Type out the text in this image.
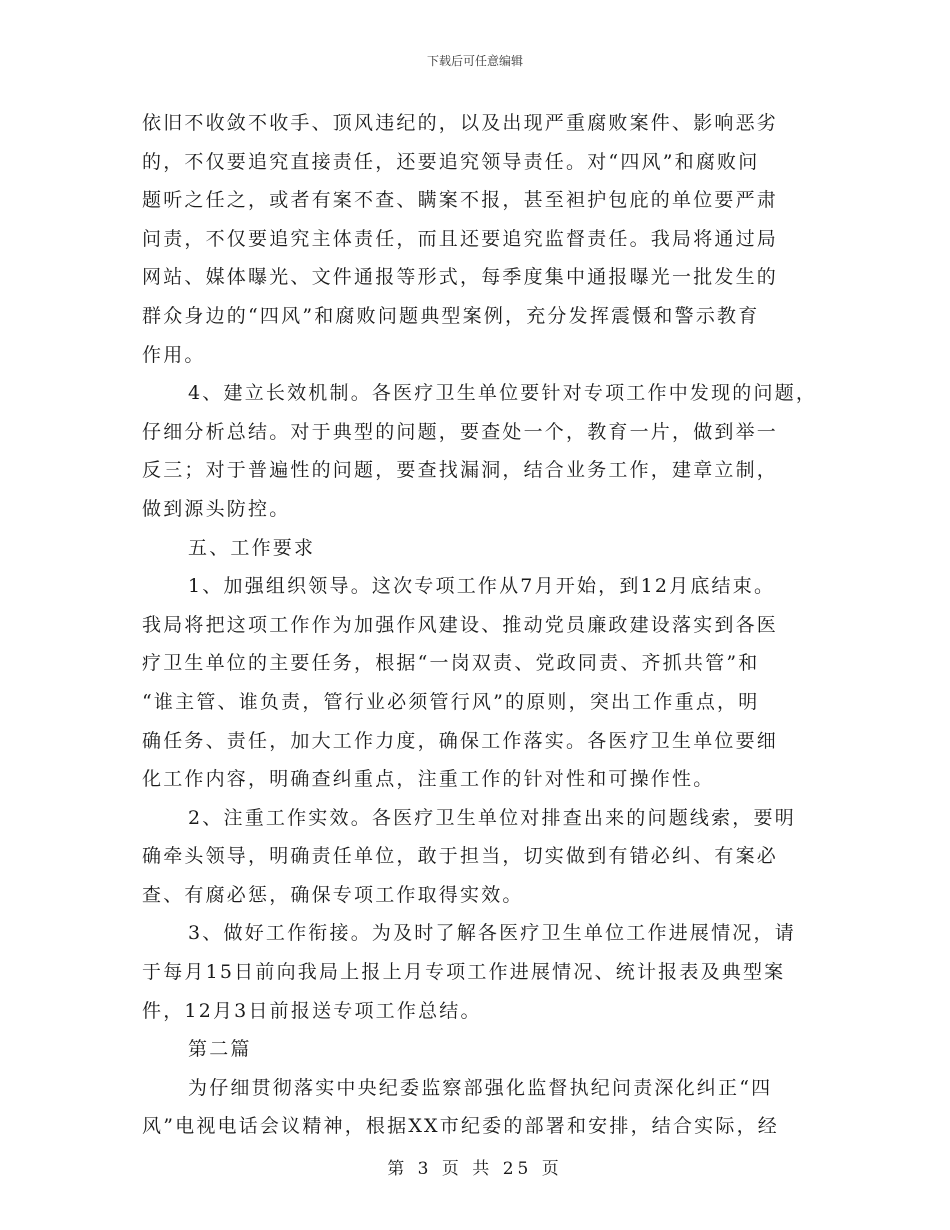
下载后可任意编辑
依旧不收敛不收手、顶风违纪的，以及出现严重腐败案件、影响恶劣
的，不仅要追究直接责任，还要追究领导责任。对“四风”和腐败问
题听之任之，或者有案不查、瞒案不报，甚至袒护包庇的单位要严肃
问责，不仅要追究主体责任，而且还要追究监督责任。我局将通过局
网站、媒体曝光、文件通报等形式，每季度集中通报曝光一批发生的
群众身边的“四风”和腐败问题典型案例，充分发挥震慑和警示教育
作用。
4、建立长效机制。各医疗卫生单位要针对专项工作中发现的问题，
仔细分析总结。对于典型的问题，要查处一个，教育一片，做到举一
反三；对于普遍性的问题，要查找漏洞，结合业务工作，建章立制，
做到源头防控。
五、工作要求
1、加强组织领导。这次专项工作从7月开始，到12月底结束。
我局将把这项工作作为加强作风建设、推动党员廉政建设落实到各医
疗卫生单位的主要任务，根据“一岗双责、党政同责、齐抓共管”和
“谁主管、谁负责，管行业必须管行风”的原则，突出工作重点，明
确任务、责任，加大工作力度，确保工作落实。各医疗卫生单位要细
化工作内容，明确查纠重点，注重工作的针对性和可操作性。
2、注重工作实效。各医疗卫生单位对排查出来的问题线索，要明
确牵头领导，明确责任单位，敢于担当，切实做到有错必纠、有案必
查、有腐必惩，确保专项工作取得实效。
3、做好工作衔接。为及时了解各医疗卫生单位工作进展情况，请
于每月15日前向我局上报上月专项工作进展情况、统计报表及典型案
件，12月3日前报送专项工作总结。
第二篇
为仔细贯彻落实中央纪委监察部强化监督执纪问责深化纠正“四
风”电视电话会议精神，根据XX市纪委的部署和安排，结合实际，经
第 3 页 共 25 页
